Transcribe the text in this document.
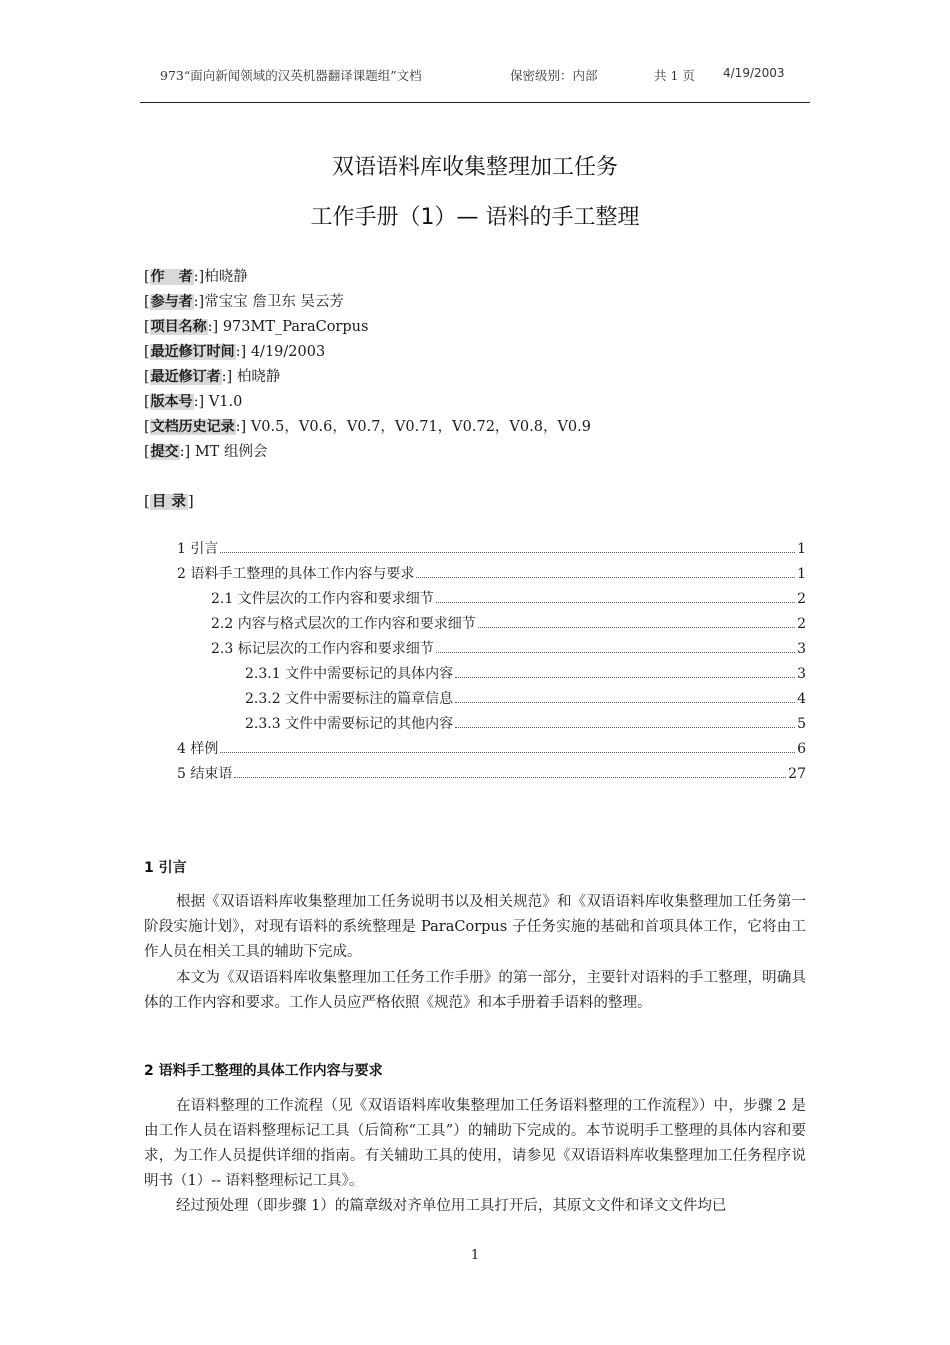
973“面向新闻领域的汉英机器翻译课题组”文档	保密级别：内部	共 1 页 4/19/2003
双语语料库收集整理加工任务
工作手册（1）— 语料的手工整理
[作　者:]柏晓静
[参与者:]常宝宝 詹卫东 吴云芳
[项目名称:] 973MT_ParaCorpus
[最近修订时间:] 4/19/2003
[最近修订者:] 柏晓静
[版本号:] V1.0
[文档历史记录:] V0.5，V0.6，V0.7，V0.71，V0.72，V0.8，V0.9
[提交:] MT 组例会
[ 目 录 ]
1 引言	1
2 语料手工整理的具体工作内容与要求	1
2.1 文件层次的工作内容和要求细节	2
2.2 内容与格式层次的工作内容和要求细节	2
2.3 标记层次的工作内容和要求细节	3
2.3.1 文件中需要标记的具体内容	3
2.3.2 文件中需要标注的篇章信息	4
2.3.3 文件中需要标记的其他内容	5
4 样例	6
5 结束语	27
1 引言
根据《双语语料库收集整理加工任务说明书以及相关规范》和《双语语料库收集整理加工任务第一阶段实施计划》，对现有语料的系统整理是 ParaCorpus 子任务实施的基础和首项具体工作，它将由工作人员在相关工具的辅助下完成。
本文为《双语语料库收集整理加工任务工作手册》的第一部分，主要针对语料的手工整理，明确具体的工作内容和要求。工作人员应严格依照《规范》和本手册着手语料的整理。
2 语料手工整理的具体工作内容与要求
在语料整理的工作流程（见《双语语料库收集整理加工任务语料整理的工作流程》）中，步骤 2 是由工作人员在语料整理标记工具（后简称“工具”）的辅助下完成的。本节说明手工整理的具体内容和要求，为工作人员提供详细的指南。有关辅助工具的使用，请参见《双语语料库收集整理加工任务程序说明书（1）-- 语料整理标记工具》。
经过预处理（即步骤 1）的篇章级对齐单位用工具打开后，其原文文件和译文文件均已
1
